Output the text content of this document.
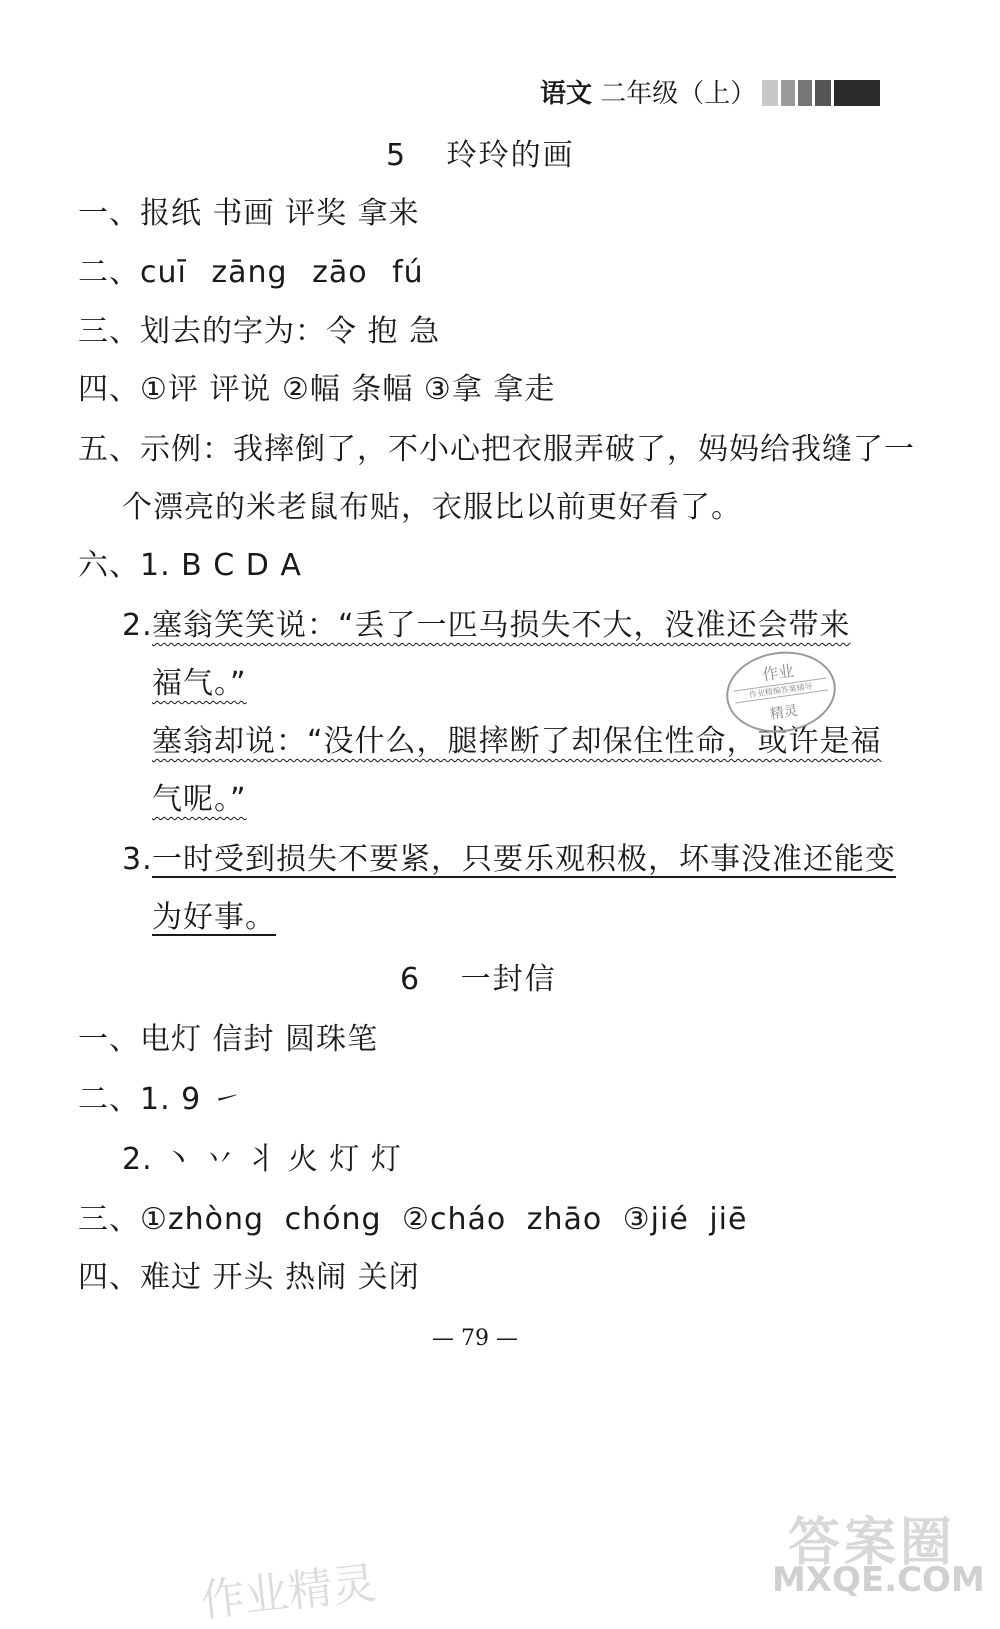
语文 二年级（上）
5 玲玲的画
一、报纸 书画 评奖 拿来
二、cuī zāng zāo fú
三、划去的字为：令 抱 急
四、①评 评说 ②幅 条幅 ③拿 拿走
五、示例：我摔倒了，不小心把衣服弄破了，妈妈给我缝了一
个漂亮的米老鼠布贴，衣服比以前更好看了。
六、1. B C D A
2. 塞翁笑笑说：“丢了一匹马损失不大，没准还会带来
福气。”
塞翁却说：“没什么，腿摔断了却保住性命，或许是福
气呢。”
3. 一时受到损失不要紧，只要乐观积极，坏事没准还能变
为好事。
作业
作业精编答案辅导
精灵
6 一封信
一、电灯 信封 圆珠笔
二、1. 9 ㇀
2. 丶 丷 丬 火 灯 灯
三、①zhòng chóng ②cháo zhāo ③jié jiē
四、难过 开头 热闹 关闭
— 79 —
答案圈
MXQE.COM
作业精灵
